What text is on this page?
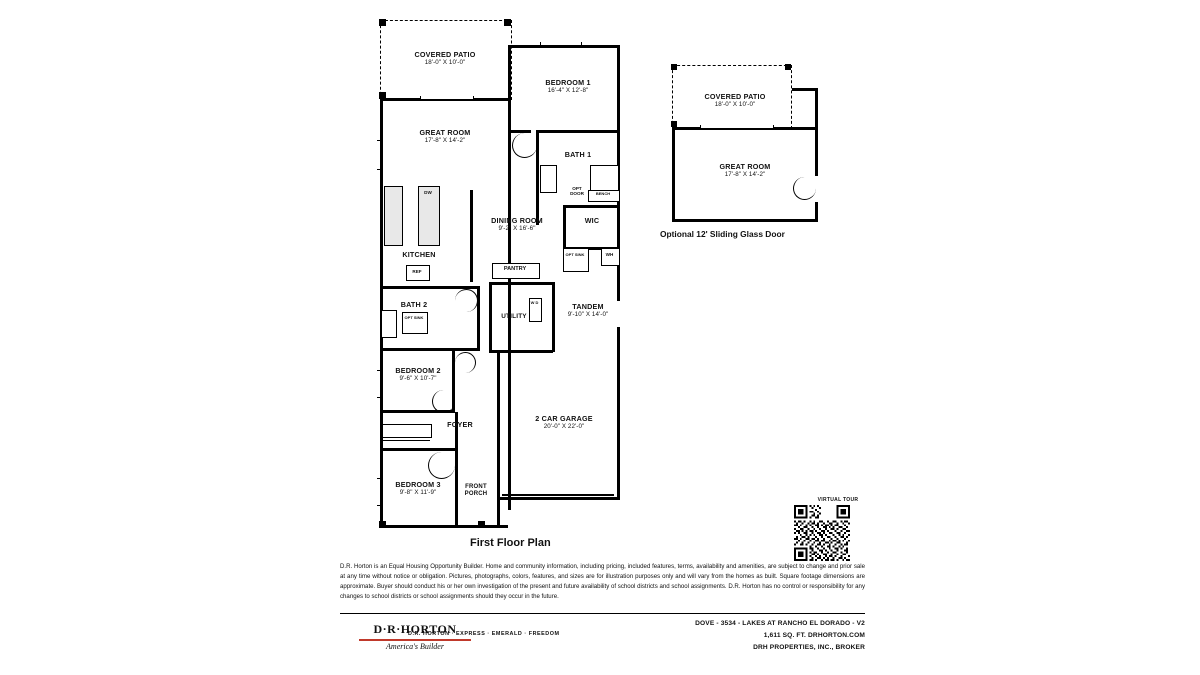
GREAT ROOM
17'-8" X 14'-2"
COVERED PATIO
18'-0" X 10'-0"
BEDROOM 1
16'-4" X 12'-8"
BATH 1
OPT DOOR	BENCH
WIC
DINING ROOM
9'-2" X 16'-6"
DW
KITCHEN
REF	PANTRY
TANDEM
9'-10" X 14'-0"
WH
OPT SINK
UTILITY
W D
BATH 2
OPT SINK
BEDROOM 2
9'-6" X 10'-7"
FOYER
BEDROOM 3
9'-8" X 11'-9"
FRONT PORCH
2 CAR GARAGE
20'-0" X 22'-0"
First Floor Plan
COVERED PATIO
18'-0" X 10'-0"
GREAT ROOM
17'-8" X 14'-2"
Optional 12' Sliding Glass Door
VIRTUAL TOUR
D.R. Horton is an Equal Housing Opportunity Builder. Home and community information, including pricing, included features, terms, availability and amenities, are subject to change and prior sale at any time without notice or obligation. Pictures, photographs, colors, features, and sizes are for illustration purposes only and will vary from the homes as built. Square footage dimensions are approximate. Buyer should conduct his or her own investigation of the present and future availability of school districts and school assignments. D.R. Horton has no control or responsibility for any changes to school districts or school assignments should they occur in the future.
D·R·HORTON
America's Builder
D.R. HORTON · EXPRESS · EMERALD · FREEDOM
DOVE - 3534 - LAKES AT RANCHO EL DORADO - V2
1,611 SQ. FT. DRHORTON.COM
DRH PROPERTIES, INC., BROKER
